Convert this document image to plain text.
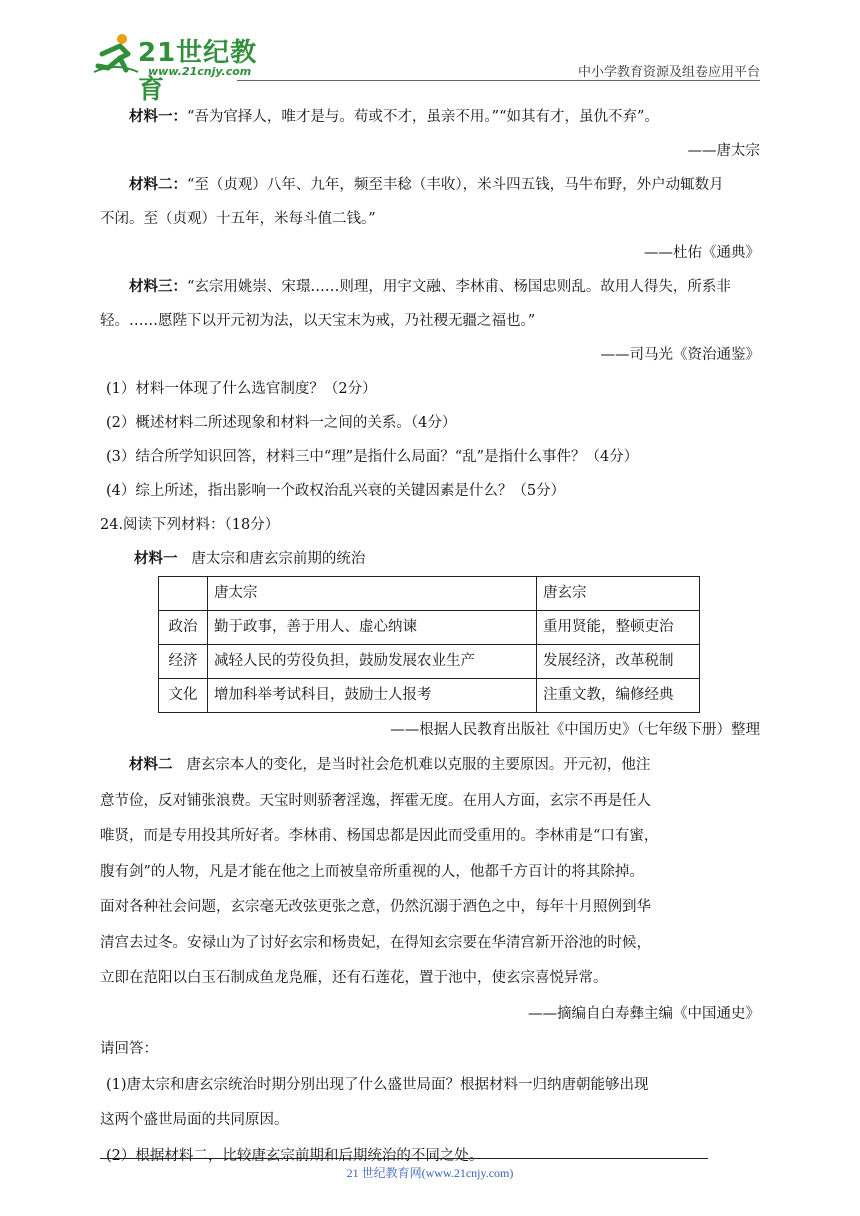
21世纪教育
www.21cnjy.com	中小学教育资源及组卷应用平台

材料一：“吾为官择人，唯才是与。苟或不才，虽亲不用。”“如其有才，虽仇不弃”。

——唐太宗

材料二：“至（贞观）八年、九年，频至丰稔（丰收），米斗四五钱，马牛布野，外户动辄数月

不闭。至（贞观）十五年，米每斗值二钱。”

——杜佑《通典》

材料三：“玄宗用姚崇、宋璟……则理，用宇文融、李林甫、杨国忠则乱。故用人得失，所系非

轻。……愿陛下以开元初为法，以天宝末为戒，乃社稷无疆之福也。”

——司马光《资治通鉴》

(1）材料一体现了什么选官制度？（2分）

(2）概述材料二所述现象和材料一之间的关系。（4分）

(3）结合所学知识回答，材料三中“理”是指什么局面？“乱”是指什么事件？（4分）

(4）综上所述，指出影响一个政权治乱兴衰的关键因素是什么？（5分）

24.阅读下列材料：（18分）

材料一 唐太宗和唐玄宗前期的统治

	唐太宗	唐玄宗
政治	勤于政事，善于用人、虚心纳谏	重用贤能，整顿吏治
经济	减轻人民的劳役负担，鼓励发展农业生产	发展经济，改革税制
文化	增加科举考试科目，鼓励士人报考	注重文教，编修经典

——根据人民教育出版社《中国历史》（七年级下册）整理

材料二 唐玄宗本人的变化，是当时社会危机难以克服的主要原因。开元初，他注

意节俭，反对铺张浪费。天宝时则骄奢淫逸，挥霍无度。在用人方面，玄宗不再是任人

唯贤，而是专用投其所好者。李林甫、杨国忠都是因此而受重用的。李林甫是“口有蜜，

腹有剑”的人物，凡是才能在他之上而被皇帝所重视的人，他都千方百计的将其除掉。

面对各种社会问题，玄宗毫无改弦更张之意，仍然沉溺于酒色之中，每年十月照例到华

清宫去过冬。安禄山为了讨好玄宗和杨贵妃，在得知玄宗要在华清宫新开浴池的时候，

立即在范阳以白玉石制成鱼龙凫雁，还有石莲花，置于池中，使玄宗喜悦异常。

——摘编自白寿彝主编《中国通史》

请回答：

(1)唐太宗和唐玄宗统治时期分别出现了什么盛世局面？根据材料一归纳唐朝能够出现

这两个盛世局面的共同原因。

(2）根据材料二，比较唐玄宗前期和后期统治的不同之处。

21 世纪教育网(www.21cnjy.com)
